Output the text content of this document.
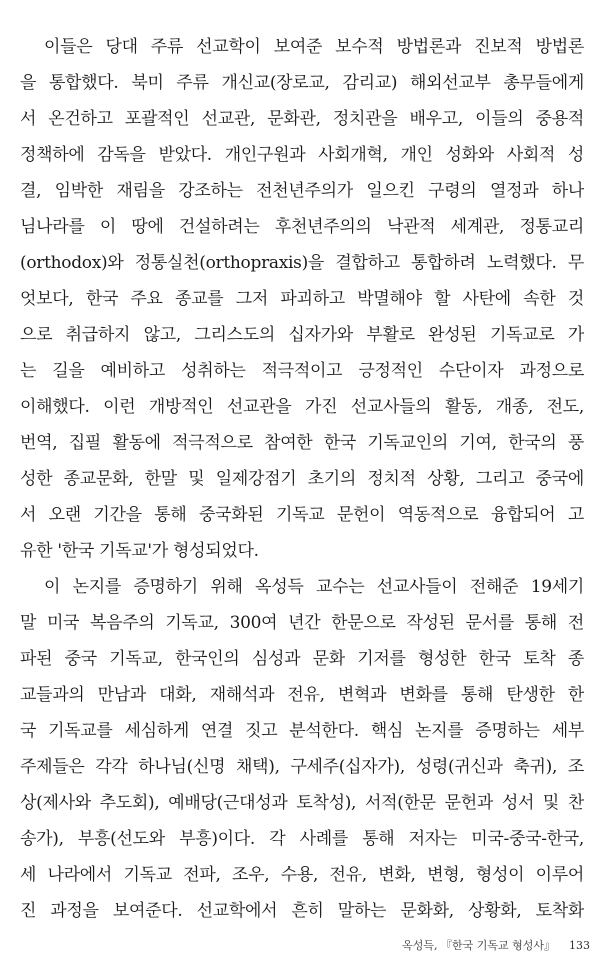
이들은 당대 주류 선교학이 보여준 보수적 방법론과 진보적 방법론
을 통합했다. 북미 주류 개신교(장로교, 감리교) 해외선교부 총무들에게
서 온건하고 포괄적인 선교관, 문화관, 정치관을 배우고, 이들의 중용적
정책하에 감독을 받았다. 개인구원과 사회개혁, 개인 성화와 사회적 성
결, 임박한 재림을 강조하는 전천년주의가 일으킨 구령의 열정과 하나
님나라를 이 땅에 건설하려는 후천년주의의 낙관적 세계관, 정통교리
(orthodox)와 정통실천(orthopraxis)을 결합하고 통합하려 노력했다. 무
엇보다, 한국 주요 종교를 그저 파괴하고 박멸해야 할 사탄에 속한 것
으로 취급하지 않고, 그리스도의 십자가와 부활로 완성된 기독교로 가
는 길을 예비하고 성취하는 적극적이고 긍정적인 수단이자 과정으로
이해했다. 이런 개방적인 선교관을 가진 선교사들의 활동, 개종, 전도,
번역, 집필 활동에 적극적으로 참여한 한국 기독교인의 기여, 한국의 풍
성한 종교문화, 한말 및 일제강점기 초기의 정치적 상황, 그리고 중국에
서 오랜 기간을 통해 중국화된 기독교 문헌이 역동적으로 융합되어 고
유한 '한국 기독교'가 형성되었다.
이 논지를 증명하기 위해 옥성득 교수는 선교사들이 전해준 19세기
말 미국 복음주의 기독교, 300여 년간 한문으로 작성된 문서를 통해 전
파된 중국 기독교, 한국인의 심성과 문화 기저를 형성한 한국 토착 종
교들과의 만남과 대화, 재해석과 전유, 변혁과 변화를 통해 탄생한 한
국 기독교를 세심하게 연결 짓고 분석한다. 핵심 논지를 증명하는 세부
주제들은 각각 하나님(신명 채택), 구세주(십자가), 성령(귀신과 축귀), 조
상(제사와 추도회), 예배당(근대성과 토착성), 서적(한문 문헌과 성서 및 찬
송가), 부흥(선도와 부흥)이다. 각 사례를 통해 저자는 미국-중국-한국,
세 나라에서 기독교 전파, 조우, 수용, 전유, 변화, 변형, 형성이 이루어
진 과정을 보여준다. 선교학에서 흔히 말하는 문화화, 상황화, 토착화
옥성득, 『한국 기독교 형성사』 133
